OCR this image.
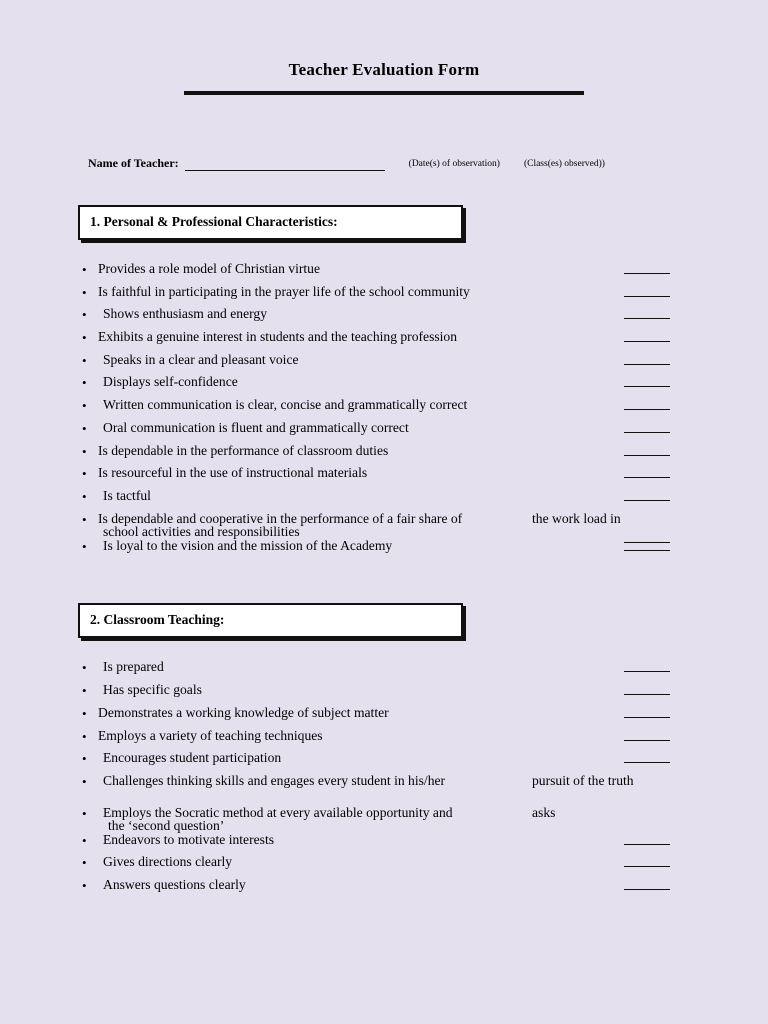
Teacher Evaluation Form
Name of Teacher:	(Date(s) of observation)	(Class(es) observed))
1. Personal & Professional Characteristics:
• Provides a role model of Christian virtue
• Is faithful in participating in the prayer life of the school community
•	Shows enthusiasm and energy
• Exhibits a genuine interest in students and the teaching profession
•	Speaks in a clear and pleasant voice
•	Displays self-confidence
•	Written communication is clear, concise and grammatically correct
•	Oral communication is fluent and grammatically correct
• Is dependable in the performance of classroom duties
• Is resourceful in the use of instructional materials
•	Is tactful
• Is dependable and cooperative in the performance of a fair share of
school activities and responsibilities
the work load in
•	Is loyal to the vision and the mission of the Academy
2. Classroom Teaching:
•	Is prepared
•	Has specific goals
• Demonstrates a working knowledge of subject matter
• Employs a variety of teaching techniques
•	Encourages student participation
•	Challenges thinking skills and engages every student in his/her	pursuit of the truth
•	Employs the Socratic method at every available opportunity and
the ‘second question’
asks
•	Endeavors to motivate interests
•	Gives directions clearly
•	Answers questions clearly
